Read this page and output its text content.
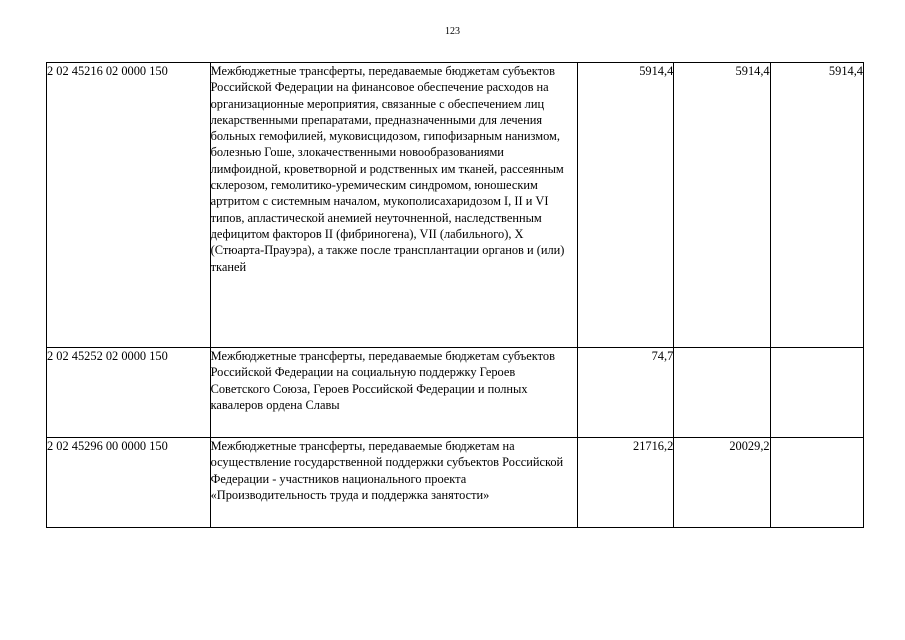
123
2 02 45216 02 0000 150	Межбюджетные трансферты, передаваемые бюджетам субъектов Российской Федерации на финансовое обеспечение расходов на организационные мероприятия, связанные с обеспечением лиц лекарственными препаратами, предназначенными для лечения больных гемофилией, муковисцидозом, гипофизарным нанизмом, болезнью Гоше, злокачественными новообразованиями лимфоидной, кроветворной и родственных им тканей, рассеянным склерозом, гемолитико-уремическим синдромом, юношеским артритом с системным началом, мукополисахаридозом I, II и VI типов, апластической анемией неуточненной, наследственным дефицитом факторов II (фибриногена), VII (лабильного), X (Стюарта-Прауэра), а также после трансплантации органов и (или) тканей	5914,4	5914,4	5914,4
2 02 45252 02 0000 150	Межбюджетные трансферты, передаваемые бюджетам субъектов Российской Федерации на социальную поддержку Героев Советского Союза, Героев Российской Федерации и полных кавалеров ордена Славы	74,7		
2 02 45296 00 0000 150	Межбюджетные трансферты, передаваемые бюджетам на осуществление государственной поддержки субъектов Российской Федерации - участников национального проекта «Производительность труда и поддержка занятости»	21716,2	20029,2	
